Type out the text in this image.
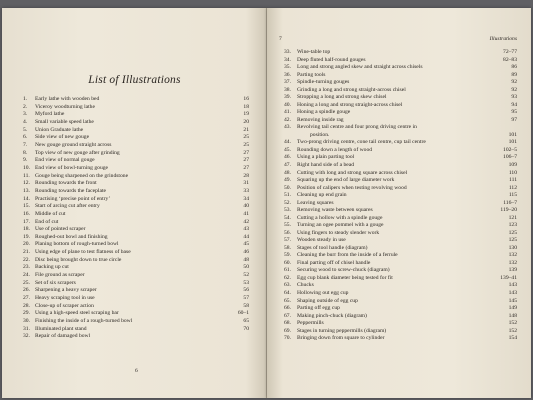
List of Illustrations
1.	Early lathe with wooden bed	16
2.	Viceroy woodturning lathe	18
3.	Myford lathe	19
4.	Small variable speed lathe	20
5.	Union Graduate lathe	21
6.	Side view of new gouge	25
7.	New gouge ground straight across	25
8.	Top view of new gouge after grinding	27
9.	End view of normal gouge	27
10. End view of bowl-turning gouge	27
11. Gouge being sharpened on the grindstone	28
12. Rounding towards the front	31
13. Rounding towards the faceplate	33
14. Practising ‘precise point of entry’	34
15. Start of arcing cut after entry	40
16. Middle of cut	41
17. End of cut	42
18. Use of pointed scraper	43
19. Roughed-out bowl and finishing	44
20. Planing bottom of rough-turned bowl	45
21. Using edge of plane to test flatness of base	46
22. Disc being brought down to true circle	48
23. Backing up cut	50
24. File ground as scraper	52
25. Set of six scrapers	53
26. Sharpening a heavy scraper	56
27. Heavy scraping tool in use	57
28. Close-up of scraper action	58
29. Using a high-speed steel scraping bar	60–1
30. Finishing the inside of a rough-turned bowl	65
31. Illuminated plant stand	70
32. Repair of damaged bowl
6
7	Illustrations
33.	Wine-table top	72–77
34.	Deep fluted half-round gouges	82–83
35.	Long and strong angled skew and straight across chisels	86
36.	Parting tools	89
37.	Spindle-turning gouges	92
38.	Grinding a long and strong straight-across chisel	92
39.	Stropping a long and strong skew chisel	93
40.	Honing a long and strong straight-across chisel	94
41.	Honing a spindle gouge	95
42.	Removing inside rag	97
43.	Revolving tail centre and four prong driving centre in
position.	101
44.	Two-prong driving centre, cone tail centre, cup tail centre	101
45.	Rounding down a length of wood	102–5
46.	Using a plain parting tool	106–7
47.	Right hand side of a bead	109
48.	Cutting with long and strong square across chisel	110
49.	Squaring up the end of large diameter work	111
50.	Position of calipers when testing revolving wood	112
51.	Cleaning up end grain	115
52.	Leaving squares	116–7
53.	Removing waste between squares	119–20
54.	Cutting a hollow with a spindle gouge	121
55.	Turning an ogee pommel with a gouge	123
56.	Using fingers to steady slender work	125
57.	Wooden steady in use	125
58.	Stages of tool handle (diagram)	130
59.	Cleaning the burr from the inside of a ferrule	132
60.	Final parting off of chisel handle	132
61.	Securing wood to screw-chuck (diagram)	139
62.	Egg cup blank diameter being tested for fit	139–41
63.	Chucks	143
64.	Hollowing out egg cup	143
65.	Shaping outside of egg cup	145
66.	Parting off egg cup	149
67.	Making pinch-chuck (diagram)	148
68.	Peppermills	152
69.	Stages in turning peppermills (diagram)	152
70.	Bringing down from square to cylinder	154
